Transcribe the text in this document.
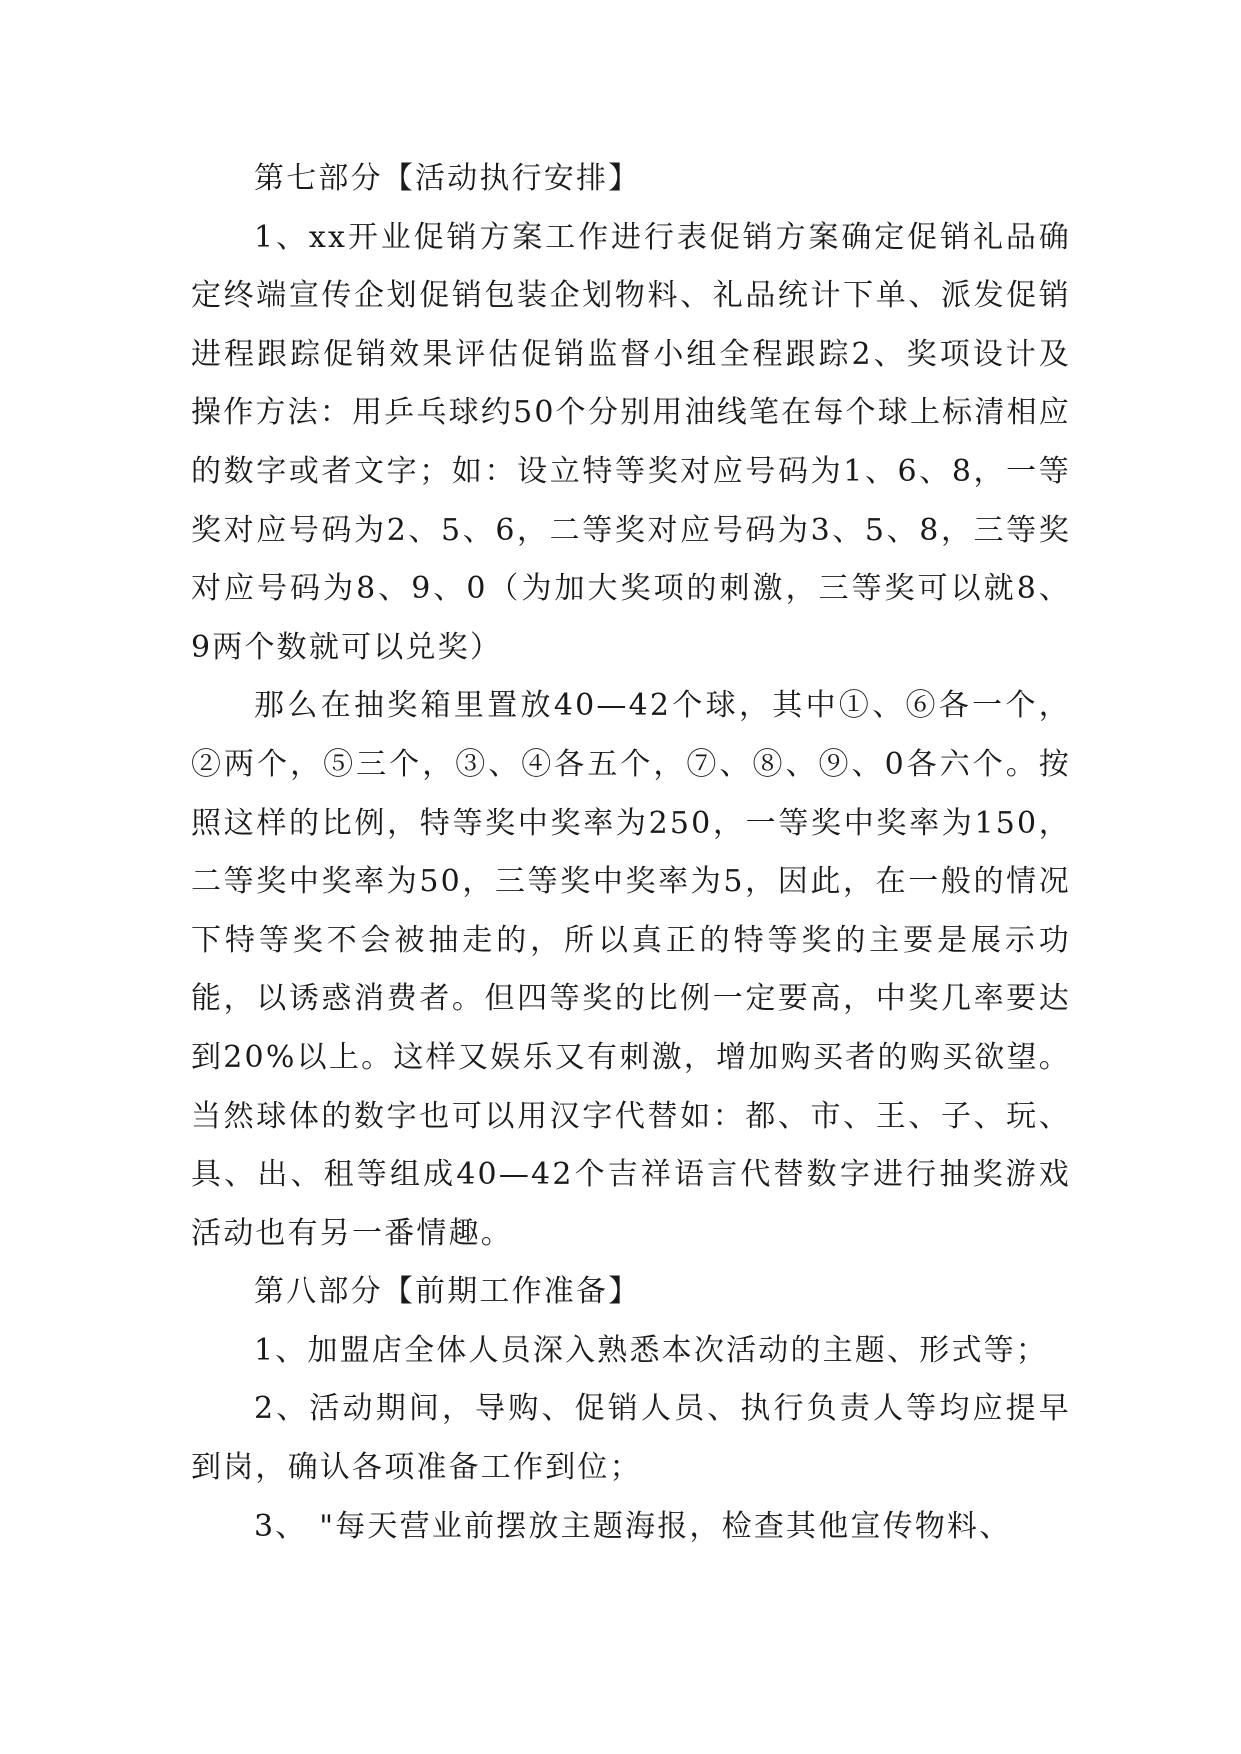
第七部分【活动执行安排】

1、xx开业促销方案工作进行表促销方案确定促销礼品确定终端宣传企划促销包装企划物料、礼品统计下单、派发促销进程跟踪促销效果评估促销监督小组全程跟踪2、奖项设计及操作方法：用乒乓球约50个分别用油线笔在每个球上标清相应的数字或者文字；如：设立特等奖对应号码为1、6、8，一等奖对应号码为2、5、6，二等奖对应号码为3、5、8，三等奖对应号码为8、9、0（为加大奖项的刺激，三等奖可以就8、 9两个数就可以兑奖）

那么在抽奖箱里置放40—42个球，其中①、⑥各一个，②两个，⑤三个，③、④各五个，⑦、⑧、⑨、0各六个。按照这样的比例，特等奖中奖率为250，一等奖中奖率为150，二等奖中奖率为50，三等奖中奖率为5，因此，在一般的情况下特等奖不会被抽走的，所以真正的特等奖的主要是展示功能，以诱惑消费者。但四等奖的比例一定要高，中奖几率要达到20%以上。这样又娱乐又有刺激，增加购买者的购买欲望。当然球体的数字也可以用汉字代替如：都、市、王、子、玩、具、出、租等组成40—42个吉祥语言代替数字进行抽奖游戏活动也有另一番情趣。

第八部分【前期工作准备】

1、加盟店全体人员深入熟悉本次活动的主题、形式等；

2、活动期间，导购、促销人员、执行负责人等均应提早到岗，确认各项准备工作到位；

3、 "每天营业前摆放主题海报，检查其他宣传物料、
